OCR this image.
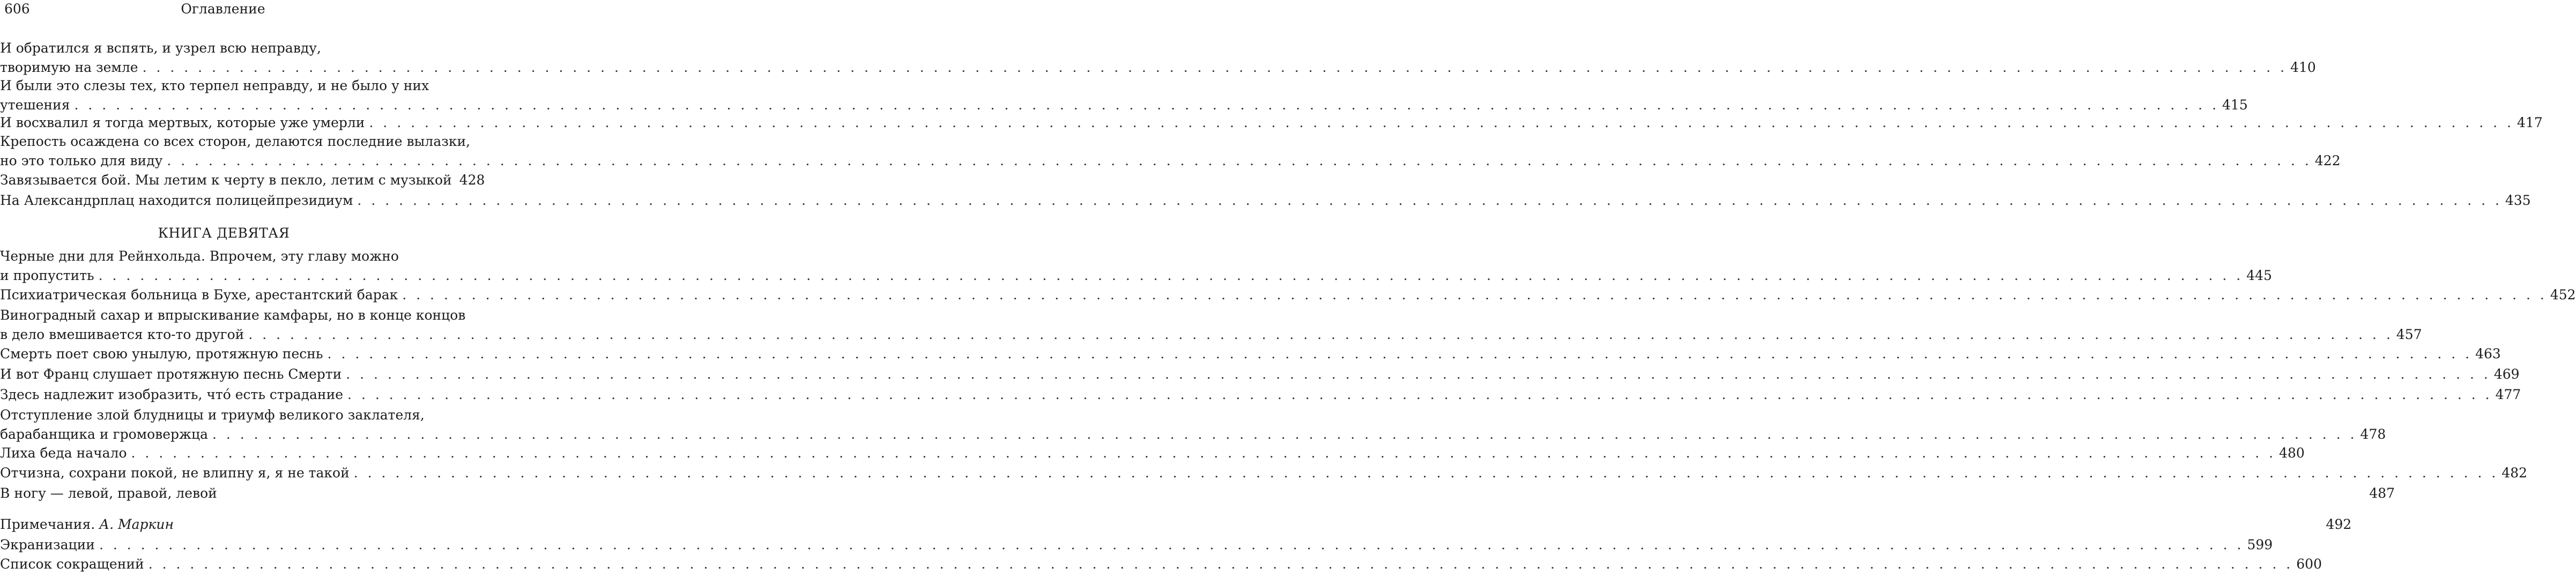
606	Оглавление
И обратился я вспять, и узрел всю неправду,
творимую на земле . . .	410
И были это слезы тех, кто терпел неправду, и не было у них
утешения . . .	415
И восхвалил я тогда мертвых, которые уже умерли . . .	417
Крепость осаждена со всех сторон, делаются последние вылазки,
но это только для виду . . .	422
Завязывается бой. Мы летим к черту в пекло, летим с музыкой 428
На Александрплац находится полицейпрезидиум . . .	435
КНИГА ДЕВЯТАЯ
Черные дни для Рейнхольда. Впрочем, эту главу можно
и пропустить . . .	445
Психиатрическая больница в Бухе, арестантский барак . . .	452
Виноградный сахар и впрыскивание камфары, но в конце концов
в дело вмешивается кто-то другой . . .	457
Смерть поет свою унылую, протяжную песнь . . .	463
И вот Франц слушает протяжную песнь Смерти . . .	469
Здесь надлежит изобразить, что́ есть страдание . . .	477
Отступление злой блудницы и триумф великого заклателя,
барабанщика и громовержца . . .	478
Лиха беда начало . . .	480
Отчизна, сохрани покой, не влипну я, я не такой . . .	482
В ногу — левой, правой, левой	487
Примечания. А. Маркин	492
Экранизации . . .	599
Список сокращений . . .	600
